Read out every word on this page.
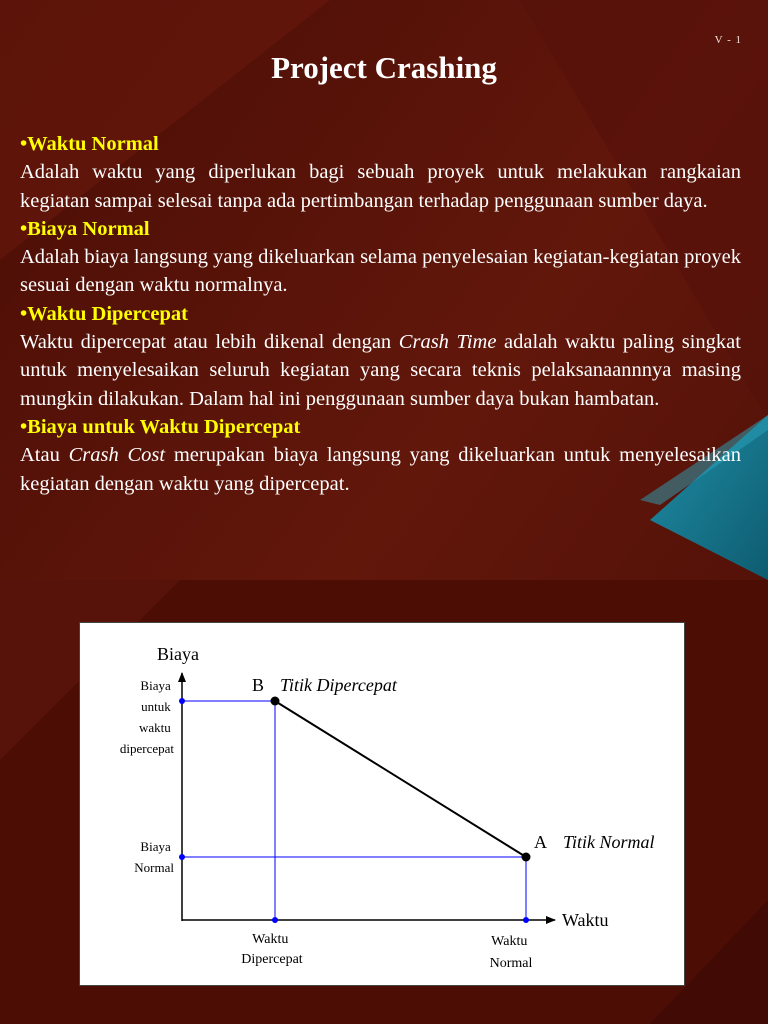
V - 1
Project Crashing
•Waktu Normal

Adalah waktu yang diperlukan bagi sebuah proyek untuk melakukan rangkaian kegiatan sampai selesai tanpa ada pertimbangan terhadap penggunaan sumber daya.

•Biaya Normal

Adalah biaya langsung yang dikeluarkan selama penyelesaian kegiatan-kegiatan proyek sesuai dengan waktu normalnya.

•Waktu Dipercepat

Waktu dipercepat atau lebih dikenal dengan Crash Time adalah waktu paling singkat untuk menyelesaikan seluruh kegiatan yang secara teknis pelaksanaannnya masing mungkin dilakukan. Dalam hal ini penggunaan sumber daya bukan hambatan.

•Biaya untuk Waktu Dipercepat

Atau Crash Cost merupakan biaya langsung yang dikeluarkan untuk menyelesaikan kegiatan dengan waktu yang dipercepat.

Biaya
Waktu
Biaya untuk waktu dipercepat
Biaya Normal
Waktu Dipercepat
Waktu Normal
B Titik Dipercepat
A Titik Normal
